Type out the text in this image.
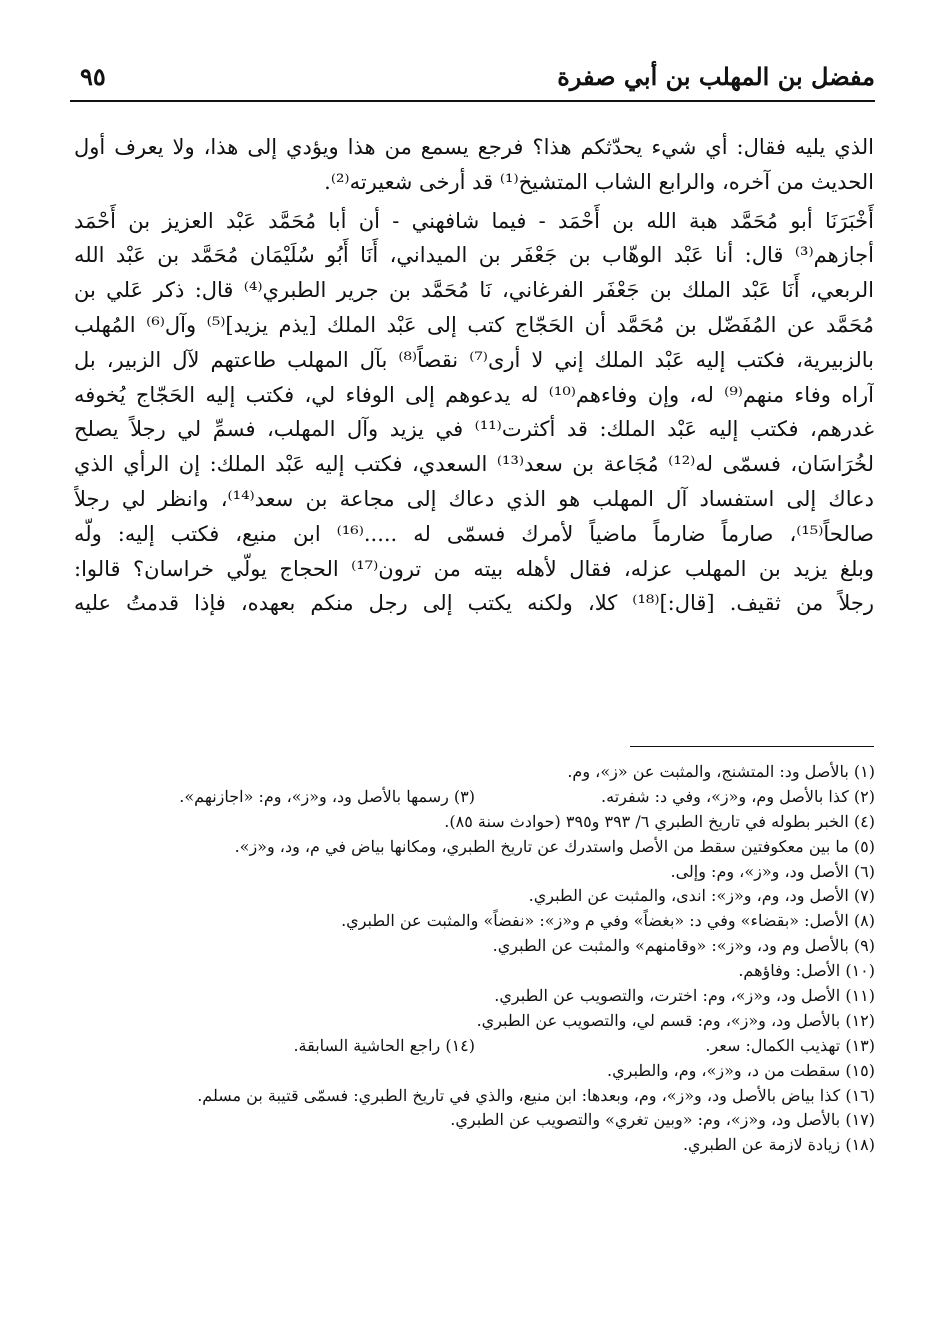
مفضل بن المهلب بن أبي صفرة
٩٥
الذي يليه فقال: أي شيء يحدّثكم هذا؟ فرجع يسمع من هذا ويؤدي إلى هذا، ولا يعرف أول
الحديث من آخره، والرابع الشاب المتشيخ⁽¹⁾ قد أرخى شعيرته⁽²⁾.
أَخْبَرَنَا أبو مُحَمَّد هبة الله بن أَحْمَد - فيما شافهني - أن أبا مُحَمَّد عَبْد العزيز بن أَحْمَد
أجازهم⁽³⁾ قال: أنا عَبْد الوهّاب بن جَعْفَر بن الميداني، أَنَا أَبُو سُلَيْمَان مُحَمَّد بن عَبْد الله
الربعي، أَنَا عَبْد الملك بن جَعْفَر الفرغاني، نَا مُحَمَّد بن جرير الطبري⁽⁴⁾ قال: ذكر عَلي بن
مُحَمَّد عن المُفَضّل بن مُحَمَّد أن الحَجّاج كتب إلى عَبْد الملك [يذم يزيد]⁽⁵⁾ وآل⁽⁶⁾ المُهلب
بالزبيرية، فكتب إليه عَبْد الملك إني لا أرى⁽⁷⁾ نقصاً⁽⁸⁾ بآل المهلب طاعتهم لآل الزبير، بل
آراه وفاء منهم⁽⁹⁾ له، وإن وفاءهم⁽¹⁰⁾ له يدعوهم إلى الوفاء لي، فكتب إليه الحَجّاج يُخوفه
غدرهم، فكتب إليه عَبْد الملك: قد أكثرت⁽¹¹⁾ في يزيد وآل المهلب، فسمِّ لي رجلاً يصلح
لخُرَاسَان، فسمّى له⁽¹²⁾ مُجَاعة بن سعد⁽¹³⁾ السعدي، فكتب إليه عَبْد الملك: إن الرأي الذي
دعاك إلى استفساد آل المهلب هو الذي دعاك إلى مجاعة بن سعد⁽¹⁴⁾، وانظر لي رجلاً
صالحاً⁽¹⁵⁾، صارماً ضارماً ماضياً لأمرك فسمّى له .....⁽¹⁶⁾ ابن منيع، فكتب إليه: ولّه
وبلغ يزيد بن المهلب عزله، فقال لأهله بيته من ترون⁽¹⁷⁾ الحجاج يولّي خراسان؟ قالوا:
رجلاً من ثقيف. [قال:]⁽¹⁸⁾ كلا، ولكنه يكتب إلى رجل منكم بعهده، فإذا قدمتُ عليه
(١) بالأصل ود: المتشنج، والمثبت عن «ز»، وم.
(٢) كذا بالأصل وم، و«ز»، وفي د: شفرته.
(٣) رسمها بالأصل ود، و«ز»، وم: «اجازنهم».
(٤) الخبر بطوله في تاريخ الطبري ٦/ ٣٩٣ و٣٩٥ (حوادث سنة ٨٥).
(٥) ما بين معكوفتين سقط من الأصل واستدرك عن تاريخ الطبري، ومكانها بياض في م، ود، و«ز».
(٦) الأصل ود، و«ز»، وم: وإلى.
(٧) الأصل ود، وم، و«ز»: اندى، والمثبت عن الطبري.
(٨) الأصل: «بقضاء» وفي د: «بغضاً» وفي م و«ز»: «نفضاً» والمثبت عن الطبري.
(٩) بالأصل وم ود، و«ز»: «وقامنهم» والمثبت عن الطبري.
(١٠) الأصل: وفاؤهم.
(١١) الأصل ود، و«ز»، وم: اخترت، والتصويب عن الطبري.
(١٢) بالأصل ود، و«ز»، وم: قسم لي، والتصويب عن الطبري.
(١٣) تهذيب الكمال: سعر.
(١٤) راجع الحاشية السابقة.
(١٥) سقطت من د، و«ز»، وم، والطبري.
(١٦) كذا بياض بالأصل ود، و«ز»، وم، وبعدها: ابن منيع، والذي في تاريخ الطبري: فسمّى قتيبة بن مسلم.
(١٧) بالأصل ود، و«ز»، وم: «وبين تغري» والتصويب عن الطبري.
(١٨) زيادة لازمة عن الطبري.
